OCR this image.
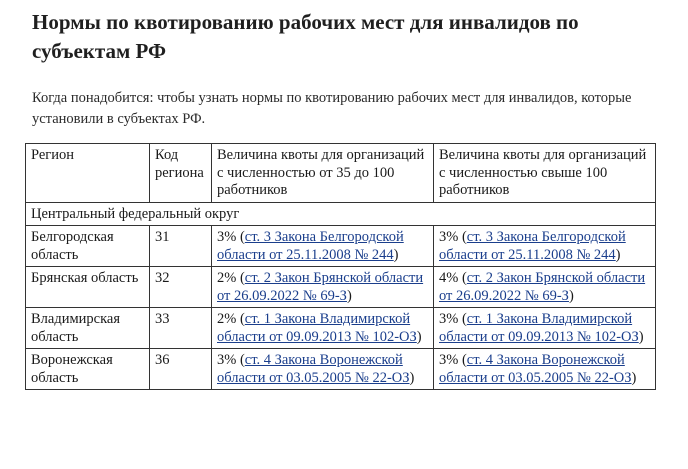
Нормы по квотированию рабочих мест для инвалидов по субъектам РФ
Когда понадобится: чтобы узнать нормы по квотированию рабочих мест для инвалидов, которые установили в субъектах РФ.
Регион	Код региона	Величина квоты для организаций с численностью от 35 до 100 работников	Величина квоты для организаций с численностью свыше 100 работников
Центральный федеральный округ			
Белгородская область	31	3% (ст. 3 Закона Белгородской области от 25.11.2008 № 244)	3% (ст. 3 Закона Белгородской области от 25.11.2008 № 244)
Брянская область	32	2% (ст. 2 Закон Брянской области от 26.09.2022 № 69-З)	4% (ст. 2 Закон Брянской области от 26.09.2022 № 69-З)
Владимирская область	33	2% (ст. 1 Закона Владимирской области от 09.09.2013 № 102-ОЗ)	3% (ст. 1 Закона Владимирской области от 09.09.2013 № 102-ОЗ)
Воронежская область	36	3% (ст. 4 Закона Воронежской области от 03.05.2005 № 22-ОЗ)	3% (ст. 4 Закона Воронежской области от 03.05.2005 № 22-ОЗ)
